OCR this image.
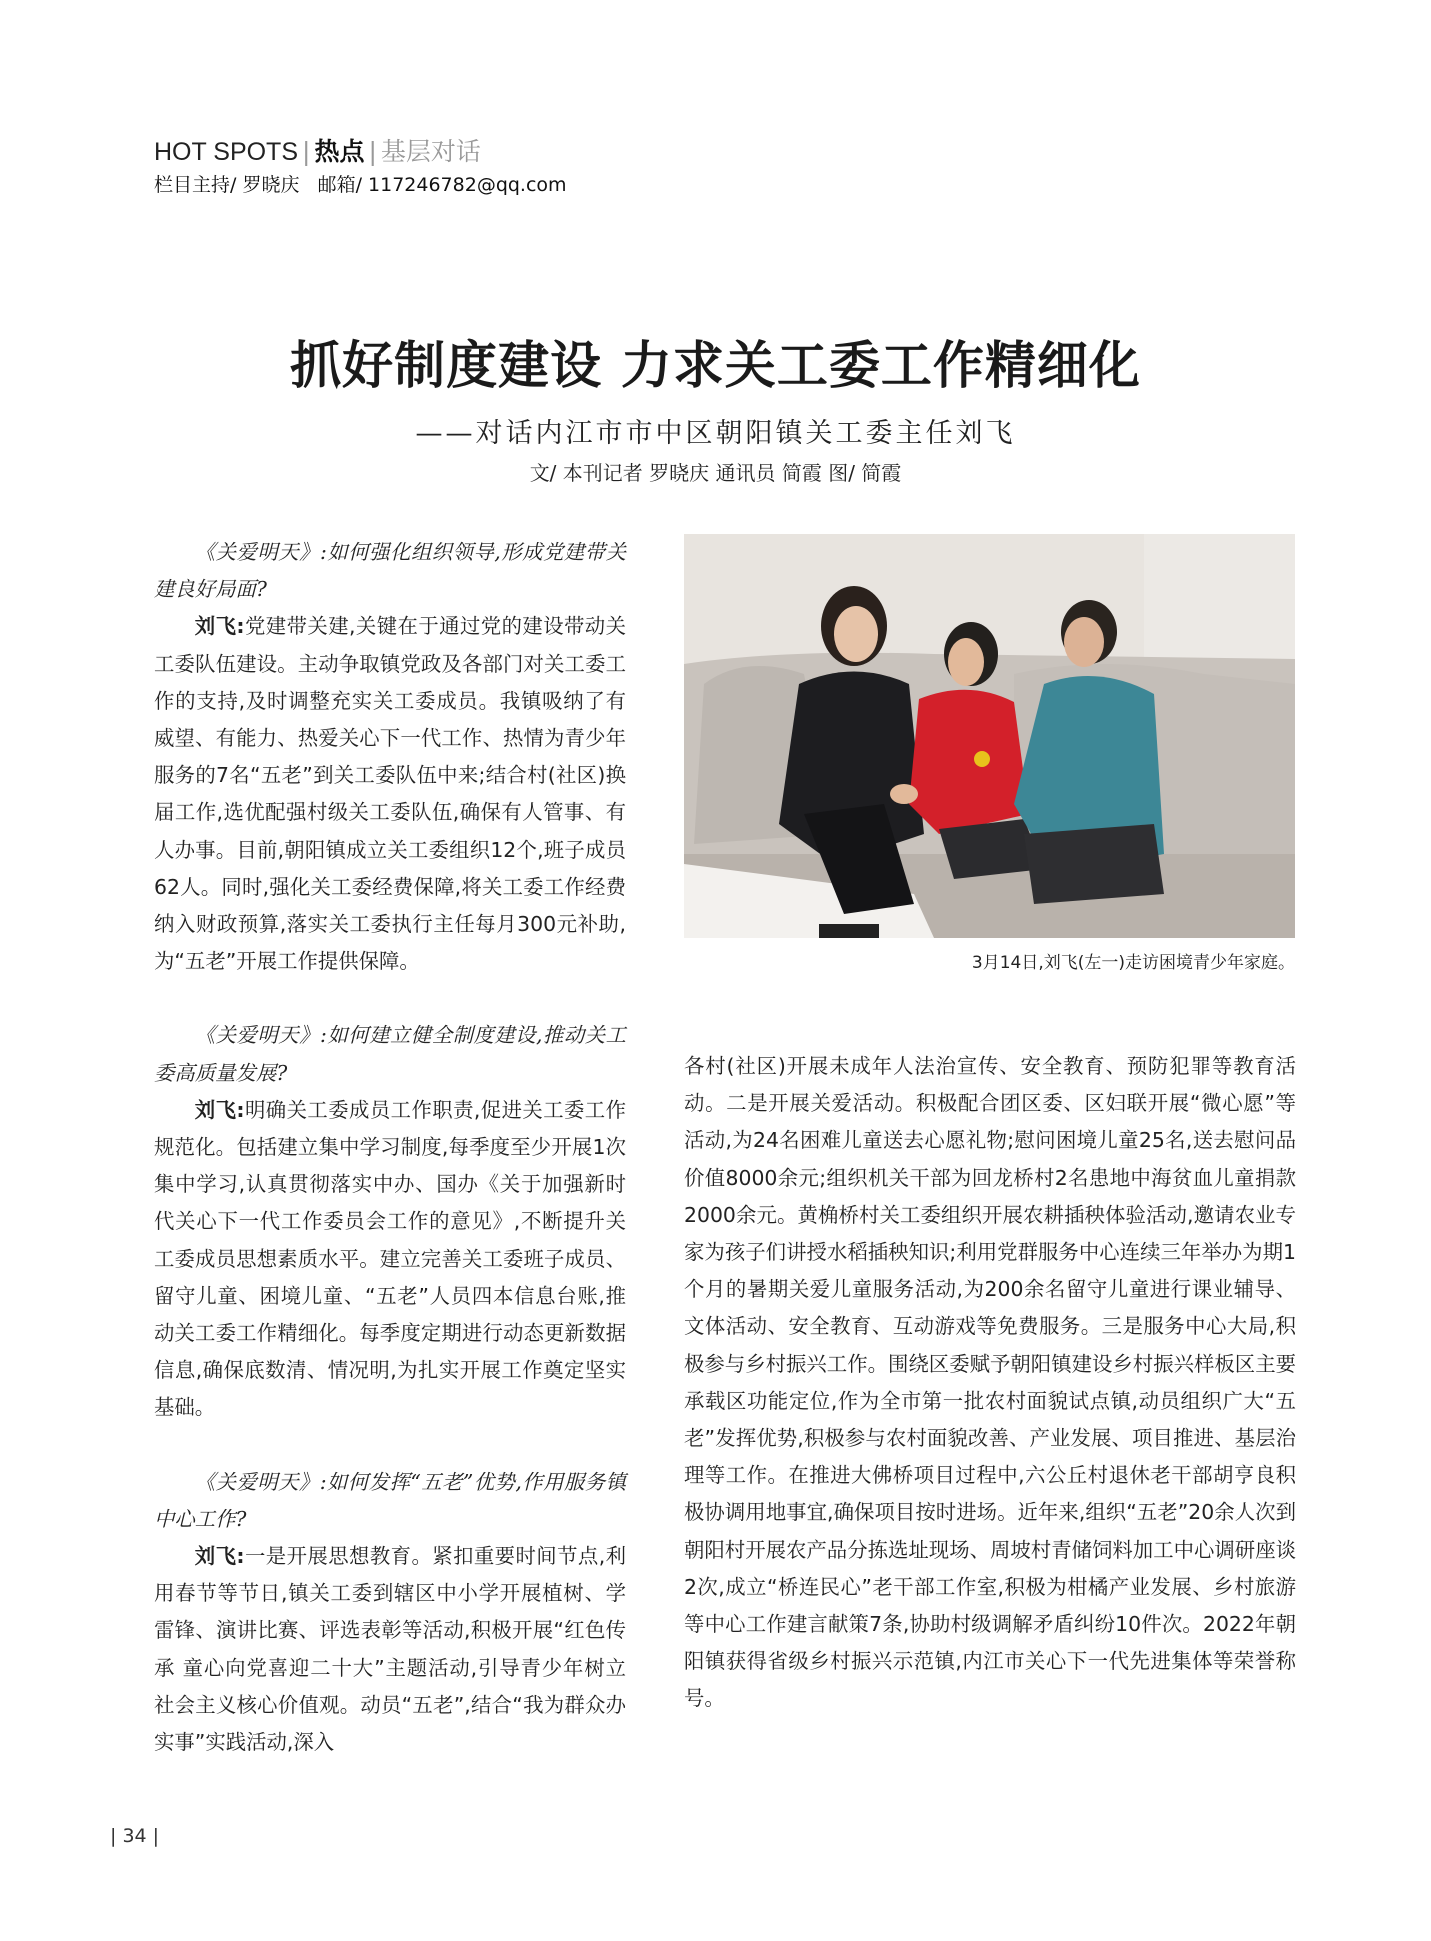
HOT SPOTS | 热点 | 基层对话
栏目主持/ 罗晓庆 邮箱/ 117246782@qq.com
抓好制度建设 力求关工委工作精细化
——对话内江市市中区朝阳镇关工委主任刘飞
文/ 本刊记者 罗晓庆 通讯员 简霞 图/ 简霞

《关爱明天》:如何强化组织领导,形成党建带关建良好局面?

刘飞:党建带关建,关键在于通过党的建设带动关工委队伍建设。主动争取镇党政及各部门对关工委工作的支持,及时调整充实关工委成员。我镇吸纳了有威望、有能力、热爱关心下一代工作、热情为青少年服务的7名“五老”到关工委队伍中来;结合村(社区)换届工作,选优配强村级关工委队伍,确保有人管事、有人办事。目前,朝阳镇成立关工委组织12个,班子成员62人。同时,强化关工委经费保障,将关工委工作经费纳入财政预算,落实关工委执行主任每月300元补助,为“五老”开展工作提供保障。

《关爱明天》:如何建立健全制度建设,推动关工委高质量发展?

刘飞:明确关工委成员工作职责,促进关工委工作规范化。包括建立集中学习制度,每季度至少开展1次集中学习,认真贯彻落实中办、国办《关于加强新时代关心下一代工作委员会工作的意见》,不断提升关工委成员思想素质水平。建立完善关工委班子成员、留守儿童、困境儿童、“五老”人员四本信息台账,推动关工委工作精细化。每季度定期进行动态更新数据信息,确保底数清、情况明,为扎实开展工作奠定坚实基础。

《关爱明天》:如何发挥“五老”优势,作用服务镇中心工作?

刘飞:一是开展思想教育。紧扣重要时间节点,利用春节等节日,镇关工委到辖区中小学开展植树、学雷锋、演讲比赛、评选表彰等活动,积极开展“红色传承 童心向党喜迎二十大”主题活动,引导青少年树立社会主义核心价值观。动员“五老”,结合“我为群众办实事”实践活动,深入

3月14日,刘飞(左一)走访困境青少年家庭。

各村(社区)开展未成年人法治宣传、安全教育、预防犯罪等教育活动。二是开展关爱活动。积极配合团区委、区妇联开展“微心愿”等活动,为24名困难儿童送去心愿礼物;慰问困境儿童25名,送去慰问品价值8000余元;组织机关干部为回龙桥村2名患地中海贫血儿童捐款2000余元。黄桷桥村关工委组织开展农耕插秧体验活动,邀请农业专家为孩子们讲授水稻插秧知识;利用党群服务中心连续三年举办为期1个月的暑期关爱儿童服务活动,为200余名留守儿童进行课业辅导、文体活动、安全教育、互动游戏等免费服务。三是服务中心大局,积极参与乡村振兴工作。围绕区委赋予朝阳镇建设乡村振兴样板区主要承载区功能定位,作为全市第一批农村面貌试点镇,动员组织广大“五老”发挥优势,积极参与农村面貌改善、产业发展、项目推进、基层治理等工作。在推进大佛桥项目过程中,六公丘村退休老干部胡亨良积极协调用地事宜,确保项目按时进场。近年来,组织“五老”20余人次到朝阳村开展农产品分拣选址现场、周坡村青储饲料加工中心调研座谈2次,成立“桥连民心”老干部工作室,积极为柑橘产业发展、乡村旅游等中心工作建言献策7条,协助村级调解矛盾纠纷10件次。2022年朝阳镇获得省级乡村振兴示范镇,内江市关心下一代先进集体等荣誉称号。

| 34 |
